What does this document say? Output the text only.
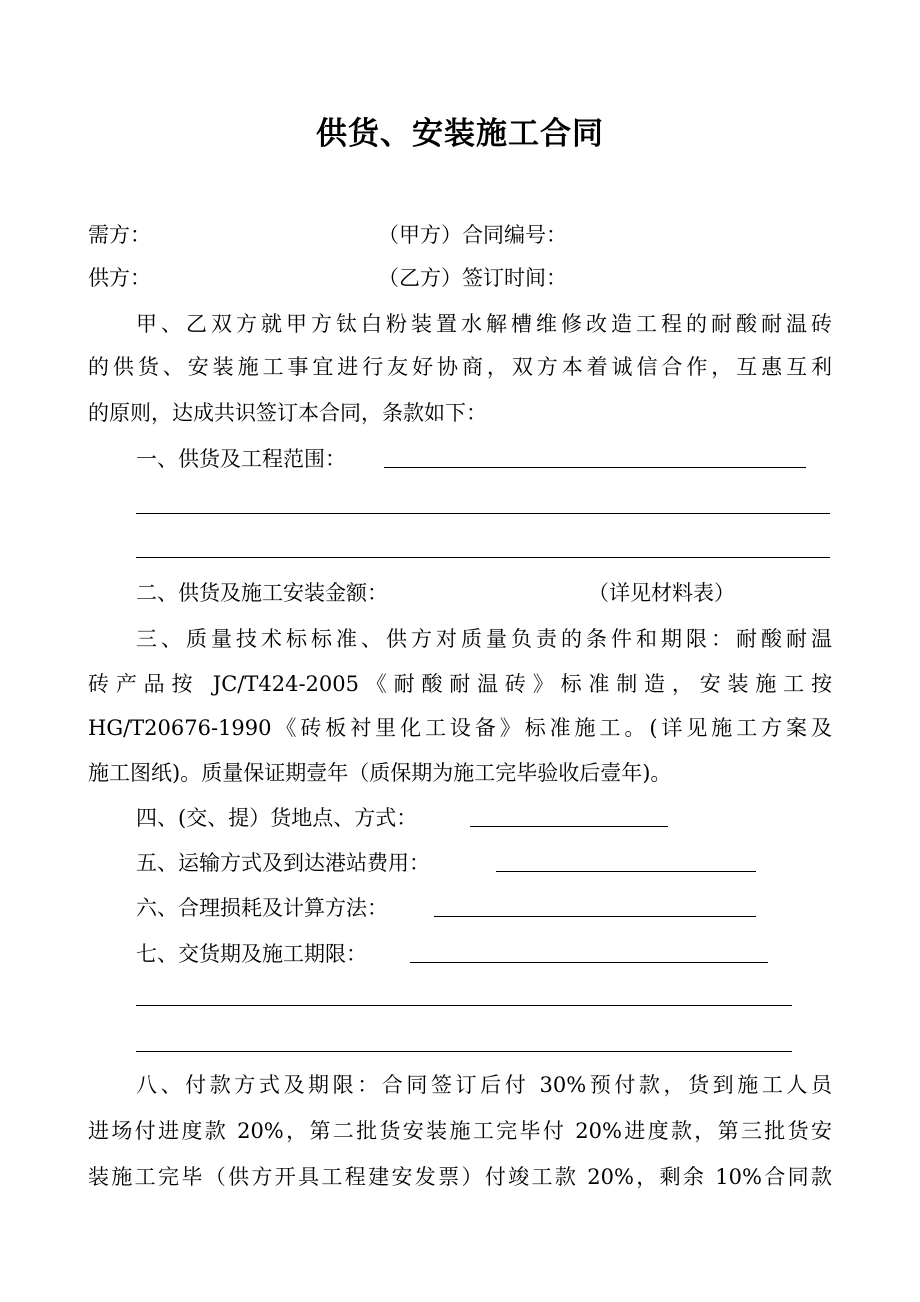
供货、安装施工合同
需方：	（甲方）合同编号：
供方：	（乙方）签订时间：
甲、乙双方就甲方钛白粉装置水解槽维修改造工程的耐酸耐温砖
的供货、安装施工事宜进行友好协商，双方本着诚信合作，互惠互利
的原则，达成共识签订本合同，条款如下：
一、供货及工程范围：
二、供货及施工安装金额：	（详见材料表）
三、质量技术标标准、供方对质量负责的条件和期限：耐酸耐温
砖产品按 JC/T424-2005《耐酸耐温砖》标准制造，安装施工按
HG/T20676-1990《砖板衬里化工设备》标准施工。(详见施工方案及
施工图纸)。质量保证期壹年（质保期为施工完毕验收后壹年)。
四、(交、提）货地点、方式：
五、运输方式及到达港站费用：
六、合理损耗及计算方法：
七、交货期及施工期限：
八、付款方式及期限：合同签订后付 30%预付款，货到施工人员
进场付进度款 20%，第二批货安装施工完毕付 20%进度款，第三批货安
装施工完毕（供方开具工程建安发票）付竣工款 20%，剩余 10%合同款
